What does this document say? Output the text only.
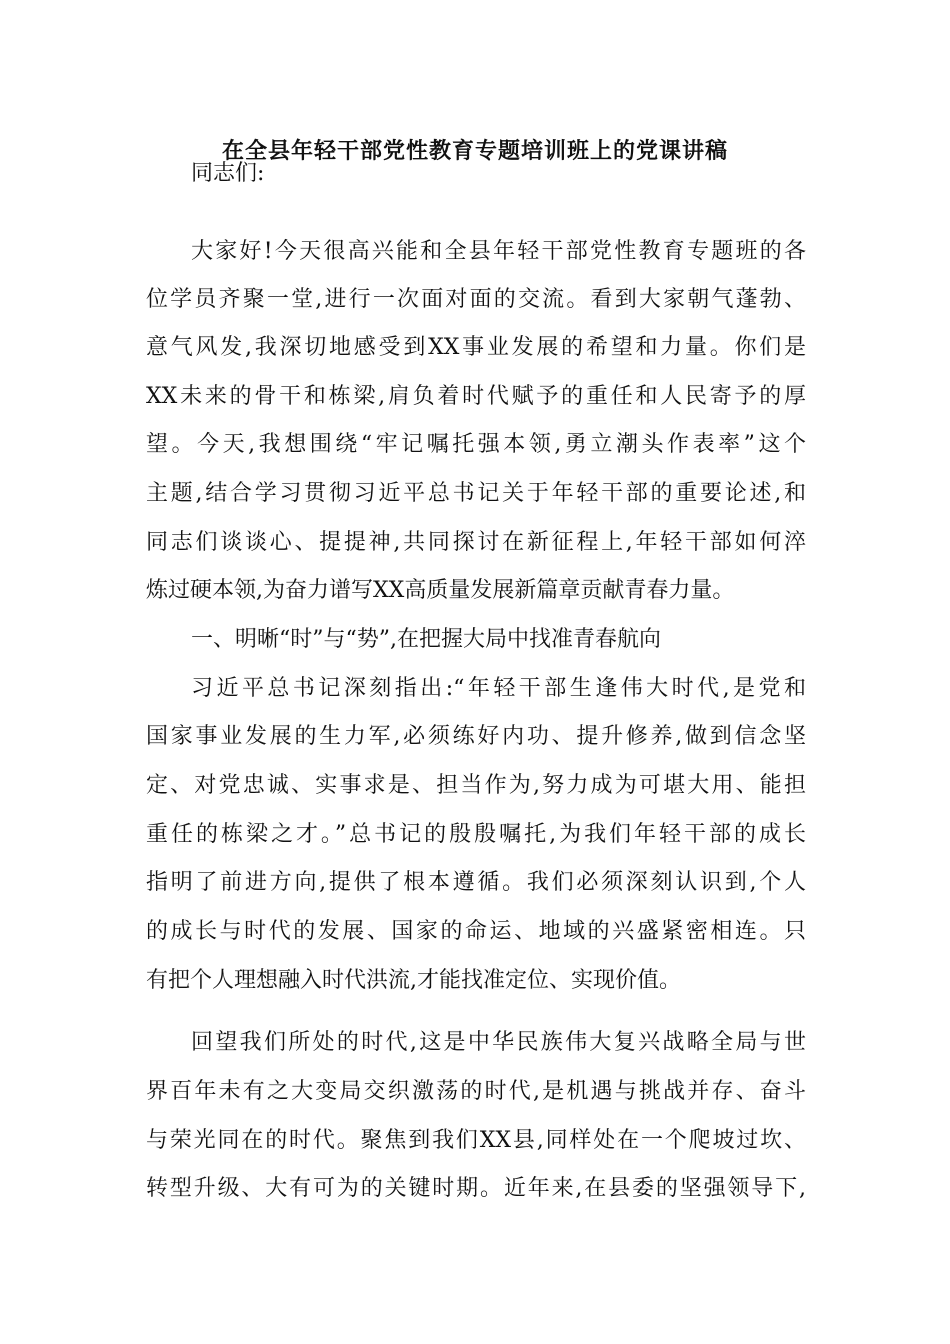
在全县年轻干部党性教育专题培训班上的党课讲稿
同志们:
大家好!今天很高兴能和全县年轻干部党性教育专题班的各
位学员齐聚一堂,进行一次面对面的交流。看到大家朝气蓬勃、
意气风发,我深切地感受到XX事业发展的希望和力量。你们是
XX未来的骨干和栋梁,肩负着时代赋予的重任和人民寄予的厚
望。今天,我想围绕“牢记嘱托强本领,勇立潮头作表率”这个
主题,结合学习贯彻习近平总书记关于年轻干部的重要论述,和
同志们谈谈心、提提神,共同探讨在新征程上,年轻干部如何淬
炼过硬本领,为奋力谱写XX高质量发展新篇章贡献青春力量。
一、明晰“时”与“势”,在把握大局中找准青春航向
习近平总书记深刻指出:“年轻干部生逢伟大时代,是党和
国家事业发展的生力军,必须练好内功、提升修养,做到信念坚
定、对党忠诚、实事求是、担当作为,努力成为可堪大用、能担
重任的栋梁之才。”总书记的殷殷嘱托,为我们年轻干部的成长
指明了前进方向,提供了根本遵循。我们必须深刻认识到,个人
的成长与时代的发展、国家的命运、地域的兴盛紧密相连。只
有把个人理想融入时代洪流,才能找准定位、实现价值。
回望我们所处的时代,这是中华民族伟大复兴战略全局与世
界百年未有之大变局交织激荡的时代,是机遇与挑战并存、奋斗
与荣光同在的时代。聚焦到我们XX县,同样处在一个爬坡过坎、
转型升级、大有可为的关键时期。近年来,在县委的坚强领导下,
